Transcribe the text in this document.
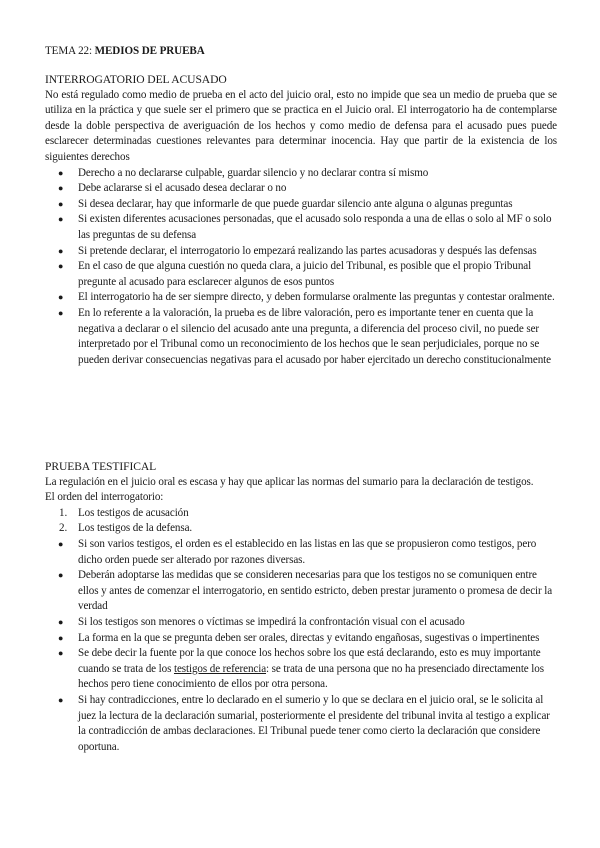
TEMA 22: MEDIOS DE PRUEBA
INTERROGATORIO DEL ACUSADO

No está regulado como medio de prueba en el acto del juicio oral, esto no impide que sea un medio de prueba que se utiliza en la práctica y que suele ser el primero que se practica en el Juicio oral. El interrogatorio ha de contemplarse desde la doble perspectiva de averiguación de los hechos y como medio de defensa para el acusado pues puede esclarecer determinadas cuestiones relevantes para determinar inocencia. Hay que partir de la existencia de los siguientes derechos

● Derecho a no declararse culpable, guardar silencio y no declarar contra sí mismo
● Debe aclararse si el acusado desea declarar o no
● Si desea declarar, hay que informarle de que puede guardar silencio ante alguna o algunas preguntas
● Si existen diferentes acusaciones personadas, que el acusado solo responda a una de ellas o solo al MF o solo las preguntas de su defensa
● Si pretende declarar, el interrogatorio lo empezará realizando las partes acusadoras y después las defensas
● En el caso de que alguna cuestión no queda clara, a juicio del Tribunal, es posible que el propio Tribunal pregunte al acusado para esclarecer algunos de esos puntos
● El interrogatorio ha de ser siempre directo, y deben formularse oralmente las preguntas y contestar oralmente.
● En lo referente a la valoración, la prueba es de libre valoración, pero es importante tener en cuenta que la negativa a declarar o el silencio del acusado ante una pregunta, a diferencia del proceso civil, no puede ser interpretado por el Tribunal como un reconocimiento de los hechos que le sean perjudiciales, porque no se pueden derivar consecuencias negativas para el acusado por haber ejercitado un derecho constitucionalmente
PRUEBA TESTIFICAL

La regulación en el juicio oral es escasa y hay que aplicar las normas del sumario para la declaración de testigos.

El orden del interrogatorio:

1. Los testigos de acusación
2. Los testigos de la defensa.
● Si son varios testigos, el orden es el establecido en las listas en las que se propusieron como testigos, pero dicho orden puede ser alterado por razones diversas.
● Deberán adoptarse las medidas que se consideren necesarias para que los testigos no se comuniquen entre ellos y antes de comenzar el interrogatorio, en sentido estricto, deben prestar juramento o promesa de decir la verdad
● Si los testigos son menores o víctimas se impedirá la confrontación visual con el acusado
● La forma en la que se pregunta deben ser orales, directas y evitando engañosas, sugestivas o impertinentes
● Se debe decir la fuente por la que conoce los hechos sobre los que está declarando, esto es muy importante cuando se trata de los testigos de referencia: se trata de una persona que no ha presenciado directamente los hechos pero tiene conocimiento de ellos por otra persona.
● Si hay contradicciones, entre lo declarado en el sumerio y lo que se declara en el juicio oral, se le solicita al juez la lectura de la declaración sumarial, posteriormente el presidente del tribunal invita al testigo a explicar la contradicción de ambas declaraciones. El Tribunal puede tener como cierto la declaración que considere oportuna.
